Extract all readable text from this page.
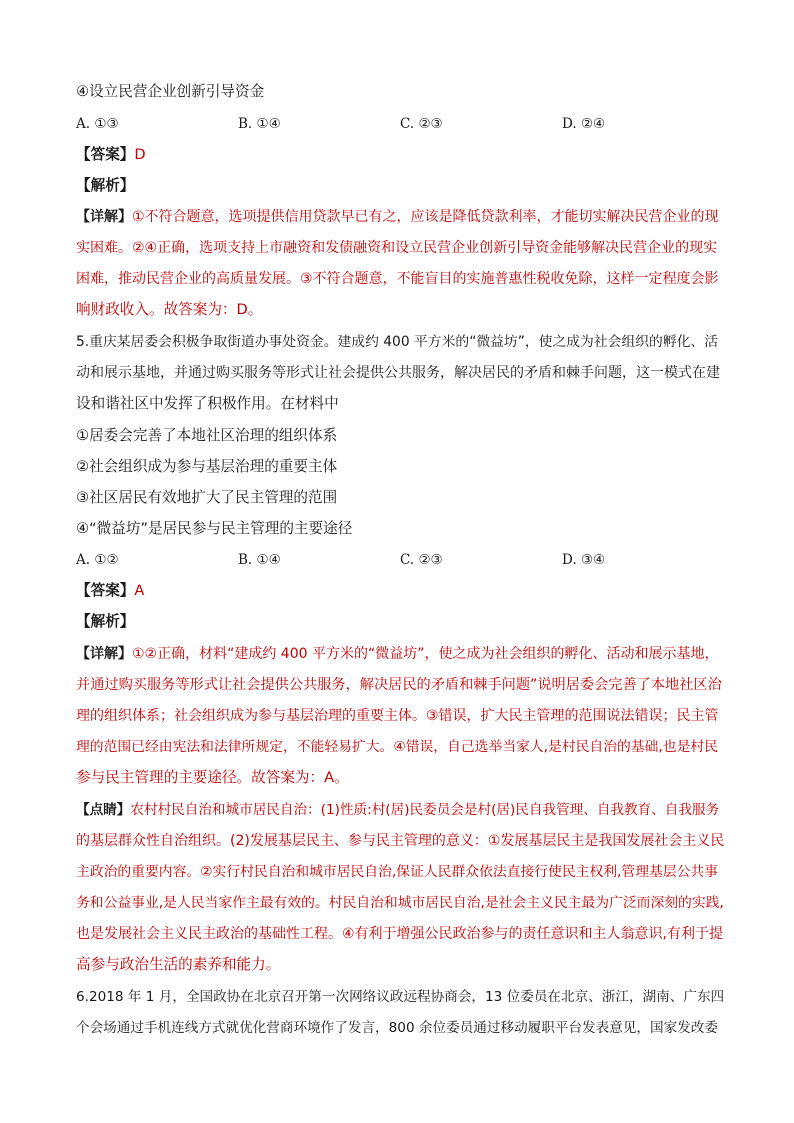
④设立民营企业创新引导资金
A. ①③	B. ①④	C. ②③	D. ②④
【答案】D
【解析】
【详解】①不符合题意，选项提供信用贷款早已有之，应该是降低贷款利率，才能切实解决民营企业的现
实困难。②④正确，选项支持上市融资和发债融资和设立民营企业创新引导资金能够解决民营企业的现实
困难，推动民营企业的高质量发展。③不符合题意，不能盲目的实施普惠性税收免除，这样一定程度会影
响财政收入。故答案为：D。
5.重庆某居委会积极争取街道办事处资金。建成约 400 平方米的“微益坊”，使之成为社会组织的孵化、活
动和展示基地，并通过购买服务等形式让社会提供公共服务，解决居民的矛盾和棘手问题，这一模式在建
设和谐社区中发挥了积极作用。在材料中
①居委会完善了本地社区治理的组织体系
②社会组织成为参与基层治理的重要主体
③社区居民有效地扩大了民主管理的范围
④“微益坊”是居民参与民主管理的主要途径
A. ①②	B. ①④	C. ②③	D. ③④
【答案】A
【解析】
【详解】①②正确，材料“建成约 400 平方米的“微益坊”，使之成为社会组织的孵化、活动和展示基地，
并通过购买服务等形式让社会提供公共服务，解决居民的矛盾和棘手问题”说明居委会完善了本地社区治
理的组织体系；社会组织成为参与基层治理的重要主体。③错误，扩大民主管理的范围说法错误；民主管
理的范围已经由宪法和法律所规定，不能轻易扩大。④错误，自己选举当家人,是村民自治的基础,也是村民
参与民主管理的主要途径。故答案为：A。
【点睛】农村村民自治和城市居民自治：(1)性质:村(居)民委员会是村(居)民自我管理、自我教育、自我服务
的基层群众性自治组织。(2)发展基层民主、参与民主管理的意义：①发展基层民主是我国发展社会主义民
主政治的重要内容。②实行村民自治和城市居民自治,保证人民群众依法直接行使民主权利,管理基层公共事
务和公益事业,是人民当家作主最有效的。村民自治和城市居民自治,是社会主义民主最为广泛而深刻的实践,
也是发展社会主义民主政治的基础性工程。④有利于增强公民政治参与的责任意识和主人翁意识,有利于提
高参与政治生活的素养和能力。
6.2018 年 1 月，全国政协在北京召开第一次网络议政远程协商会，13 位委员在北京、浙江，湖南、广东四
个会场通过手机连线方式就优化营商环境作了发言，800 余位委员通过移动履职平台发表意见，国家发改委
